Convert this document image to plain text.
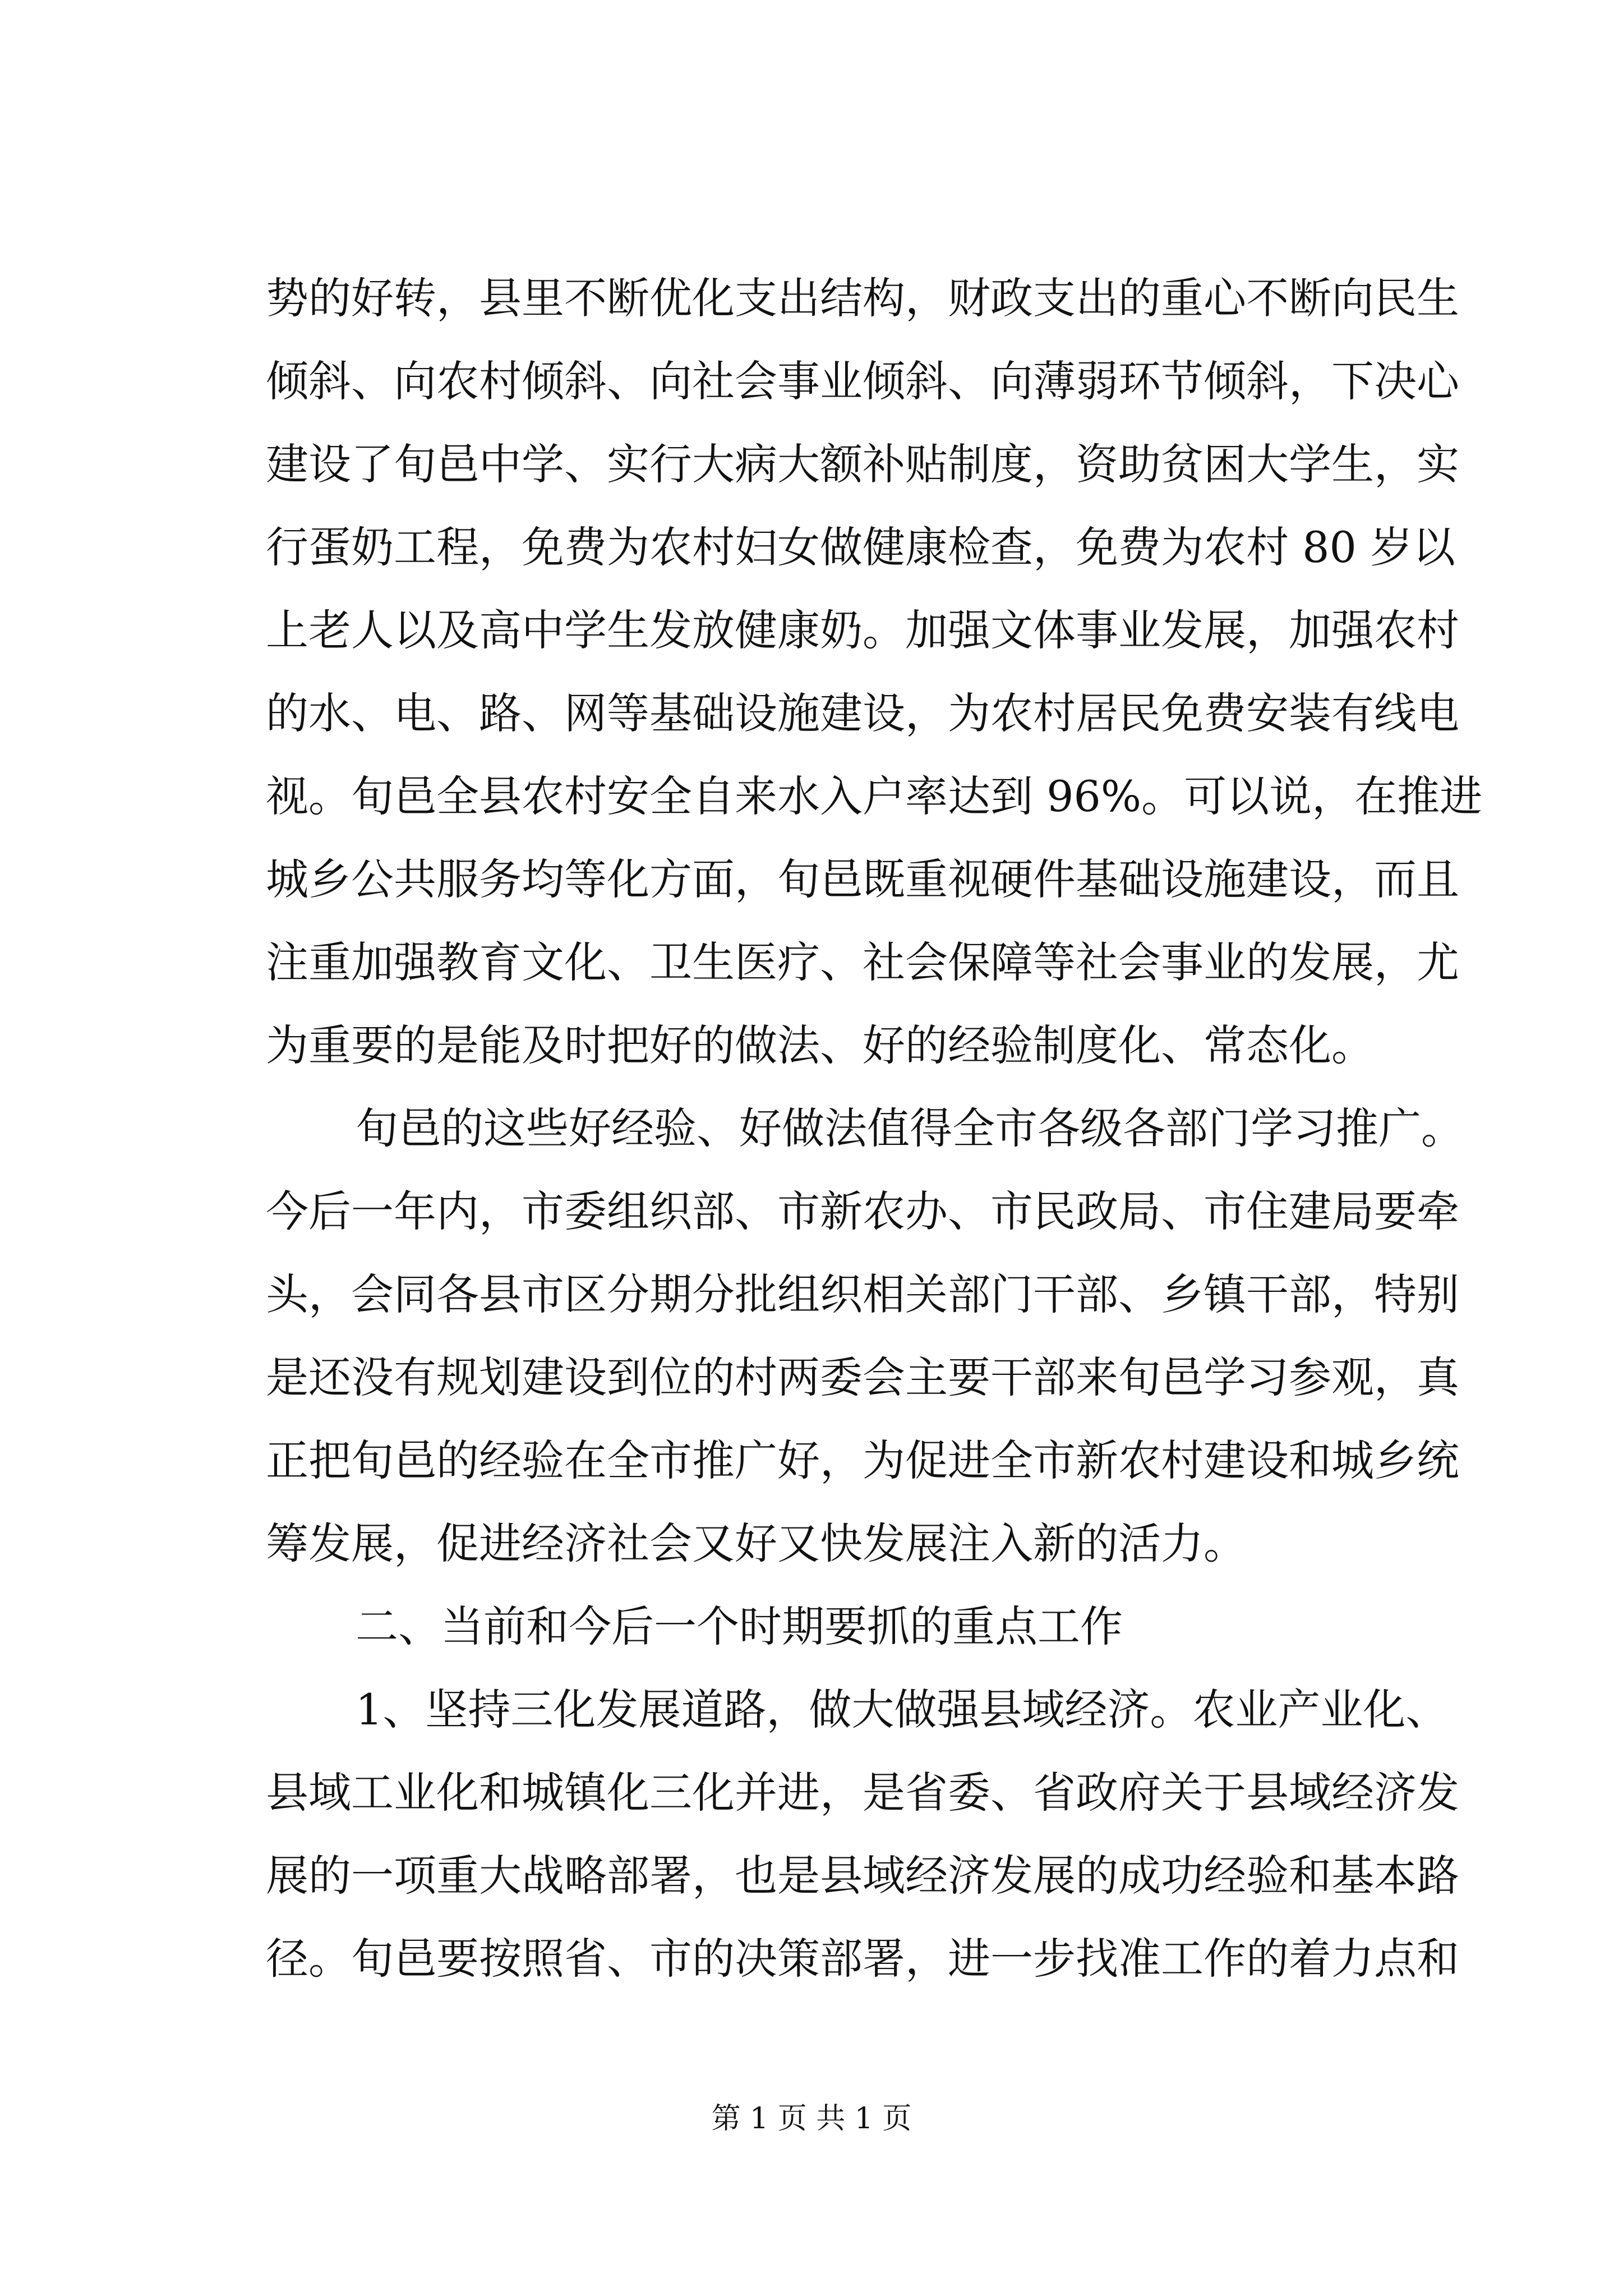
势的好转，县里不断优化支出结构，财政支出的重心不断向民生
倾斜、向农村倾斜、向社会事业倾斜、向薄弱环节倾斜，下决心
建设了旬邑中学、实行大病大额补贴制度，资助贫困大学生，实
行蛋奶工程，免费为农村妇女做健康检查，免费为农村 80 岁以
上老人以及高中学生发放健康奶。加强文体事业发展，加强农村
的水、电、路、网等基础设施建设，为农村居民免费安装有线电
视。旬邑全县农村安全自来水入户率达到 96%。可以说，在推进
城乡公共服务均等化方面，旬邑既重视硬件基础设施建设，而且
注重加强教育文化、卫生医疗、社会保障等社会事业的发展，尤
为重要的是能及时把好的做法、好的经验制度化、常态化。
旬邑的这些好经验、好做法值得全市各级各部门学习推广。
今后一年内，市委组织部、市新农办、市民政局、市住建局要牵
头，会同各县市区分期分批组织相关部门干部、乡镇干部，特别
是还没有规划建设到位的村两委会主要干部来旬邑学习参观，真
正把旬邑的经验在全市推广好，为促进全市新农村建设和城乡统
筹发展，促进经济社会又好又快发展注入新的活力。
二、当前和今后一个时期要抓的重点工作
1、坚持三化发展道路，做大做强县域经济。农业产业化、
县域工业化和城镇化三化并进，是省委、省政府关于县域经济发
展的一项重大战略部署，也是县域经济发展的成功经验和基本路
径。旬邑要按照省、市的决策部署，进一步找准工作的着力点和
第 1 页 共 1 页
